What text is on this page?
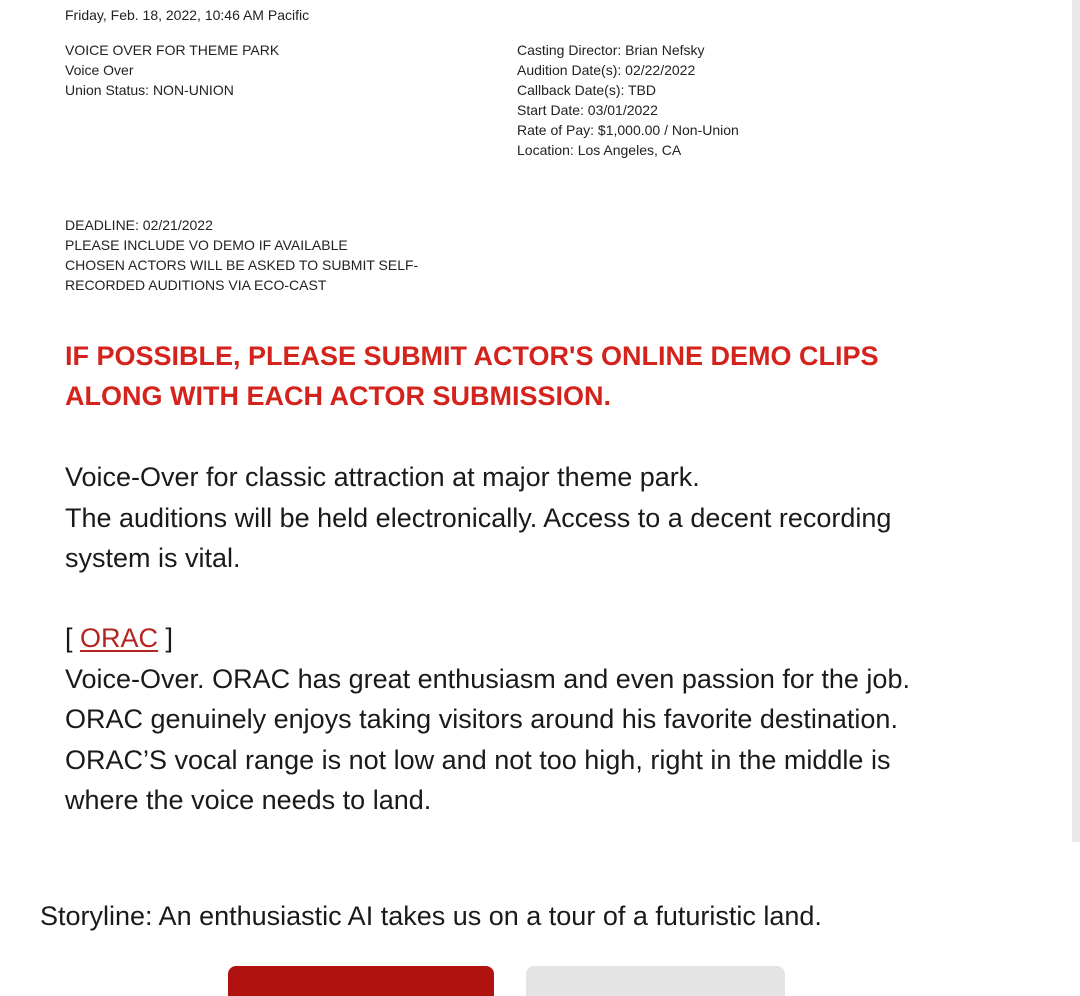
Friday, Feb. 18, 2022, 10:46 AM Pacific
VOICE OVER FOR THEME PARK
Voice Over
Union Status: NON-UNION
Casting Director: Brian Nefsky
Audition Date(s): 02/22/2022
Callback Date(s): TBD
Start Date: 03/01/2022
Rate of Pay: $1,000.00 / Non-Union
Location: Los Angeles, CA
DEADLINE: 02/21/2022
PLEASE INCLUDE VO DEMO IF AVAILABLE
CHOSEN ACTORS WILL BE ASKED TO SUBMIT SELF-
RECORDED AUDITIONS VIA ECO-CAST
IF POSSIBLE, PLEASE SUBMIT ACTOR'S ONLINE DEMO CLIPS ALONG WITH EACH ACTOR SUBMISSION.
Voice-Over for classic attraction at major theme park.
The auditions will be held electronically. Access to a decent recording system is vital.
[ ORAC ]
Voice-Over. ORAC has great enthusiasm and even passion for the job. ORAC genuinely enjoys taking visitors around his favorite destination. ORAC’S vocal range is not low and not too high, right in the middle is where the voice needs to land.
Storyline: An enthusiastic AI takes us on a tour of a futuristic land.
